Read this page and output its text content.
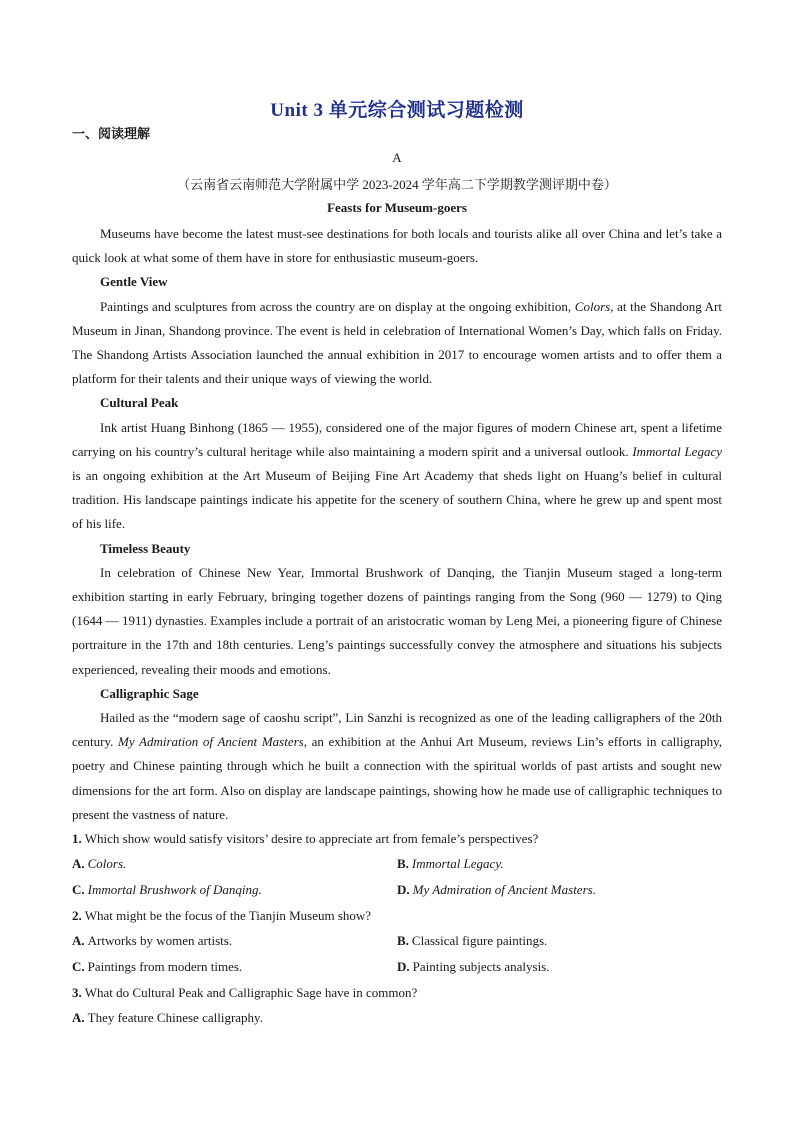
Unit 3 单元综合测试习题检测
一、阅读理解
A
（云南省云南师范大学附属中学 2023-2024 学年高二下学期教学测评期中卷）
Feasts for Museum-goers

Museums have become the latest must-see destinations for both locals and tourists alike all over China and let’s take a quick look at what some of them have in store for enthusiastic museum-goers.

Gentle View

Paintings and sculptures from across the country are on display at the ongoing exhibition, Colors, at the Shandong Art Museum in Jinan, Shandong province. The event is held in celebration of International Women’s Day, which falls on Friday. The Shandong Artists Association launched the annual exhibition in 2017 to encourage women artists and to offer them a platform for their talents and their unique ways of viewing the world.

Cultural Peak

Ink artist Huang Binhong (1865 — 1955), considered one of the major figures of modern Chinese art, spent a lifetime carrying on his country’s cultural heritage while also maintaining a modern spirit and a universal outlook. Immortal Legacy is an ongoing exhibition at the Art Museum of Beijing Fine Art Academy that sheds light on Huang’s belief in cultural tradition. His landscape paintings indicate his appetite for the scenery of southern China, where he grew up and spent most of his life.

Timeless Beauty

In celebration of Chinese New Year, Immortal Brushwork of Danqing, the Tianjin Museum staged a long-term exhibition starting in early February, bringing together dozens of paintings ranging from the Song (960 — 1279) to Qing (1644 — 1911) dynasties. Examples include a portrait of an aristocratic woman by Leng Mei, a pioneering figure of Chinese portraiture in the 17th and 18th centuries. Leng’s paintings successfully convey the atmosphere and situations his subjects experienced, revealing their moods and emotions.

Calligraphic Sage

Hailed as the “modern sage of caoshu script”, Lin Sanzhi is recognized as one of the leading calligraphers of the 20th century. My Admiration of Ancient Masters, an exhibition at the Anhui Art Museum, reviews Lin’s efforts in calligraphy, poetry and Chinese painting through which he built a connection with the spiritual worlds of past artists and sought new dimensions for the art form. Also on display are landscape paintings, showing how he made use of calligraphic techniques to present the vastness of nature.

1. Which show would satisfy visitors’ desire to appreciate art from female’s perspectives?

A. Colors.	B. Immortal Legacy.
C. Immortal Brushwork of Danqing.	D. My Admiration of Ancient Masters.

2. What might be the focus of the Tianjin Museum show?

A. Artworks by women artists.	B. Classical figure paintings.
C. Paintings from modern times.	D. Painting subjects analysis.

3. What do Cultural Peak and Calligraphic Sage have in common?

A. They feature Chinese calligraphy.
